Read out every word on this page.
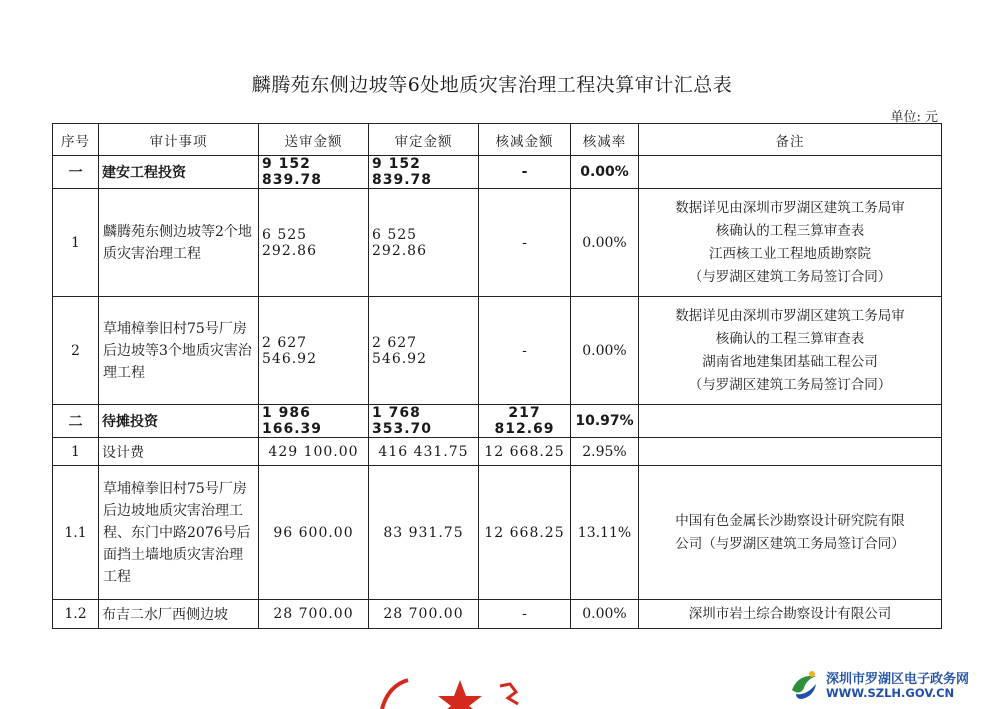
麟腾苑东侧边坡等6处地质灾害治理工程决算审计汇总表
单位: 元
序号	审计事项	送审金额	审定金额	核减金额	核减率	备注
一	建安工程投资	9 152 839.78	9 152 839.78	-	0.00%	
1	麟腾苑东侧边坡等2个地质灾害治理工程	6 525 292.86	6 525 292.86	-	0.00%	数据详见由深圳市罗湖区建筑工务局审
核确认的工程三算审查表
江西核工业工程地质勘察院
（与罗湖区建筑工务局签订合同）

2	草埔樟拳旧村75号厂房后边坡等3个地质灾害治理工程	2 627 546.92	2 627 546.92	-	0.00%	数据详见由深圳市罗湖区建筑工务局审
核确认的工程三算审查表
湖南省地建集团基础工程公司
（与罗湖区建筑工务局签订合同）

二	待摊投资	1 986 166.39	1 768 353.70	217 812.69	10.97%	
1	设计费	429 100.00	416 431.75	12 668.25	2.95%	
1.1	草埔樟拳旧村75号厂房后边坡地质灾害治理工程、东门中路2076号后面挡土墙地质灾害治理工程	96 600.00	83 931.75	12 668.25	13.11%	中国有色金属长沙勘察设计研究院有限
公司（与罗湖区建筑工务局签订合同）

1.2	布吉二水厂西侧边坡	28 700.00	28 700.00	-	0.00%	深圳市岩土综合勘察设计有限公司
深圳市罗湖区电子政务网
WWW.SZLH.GOV.CN
